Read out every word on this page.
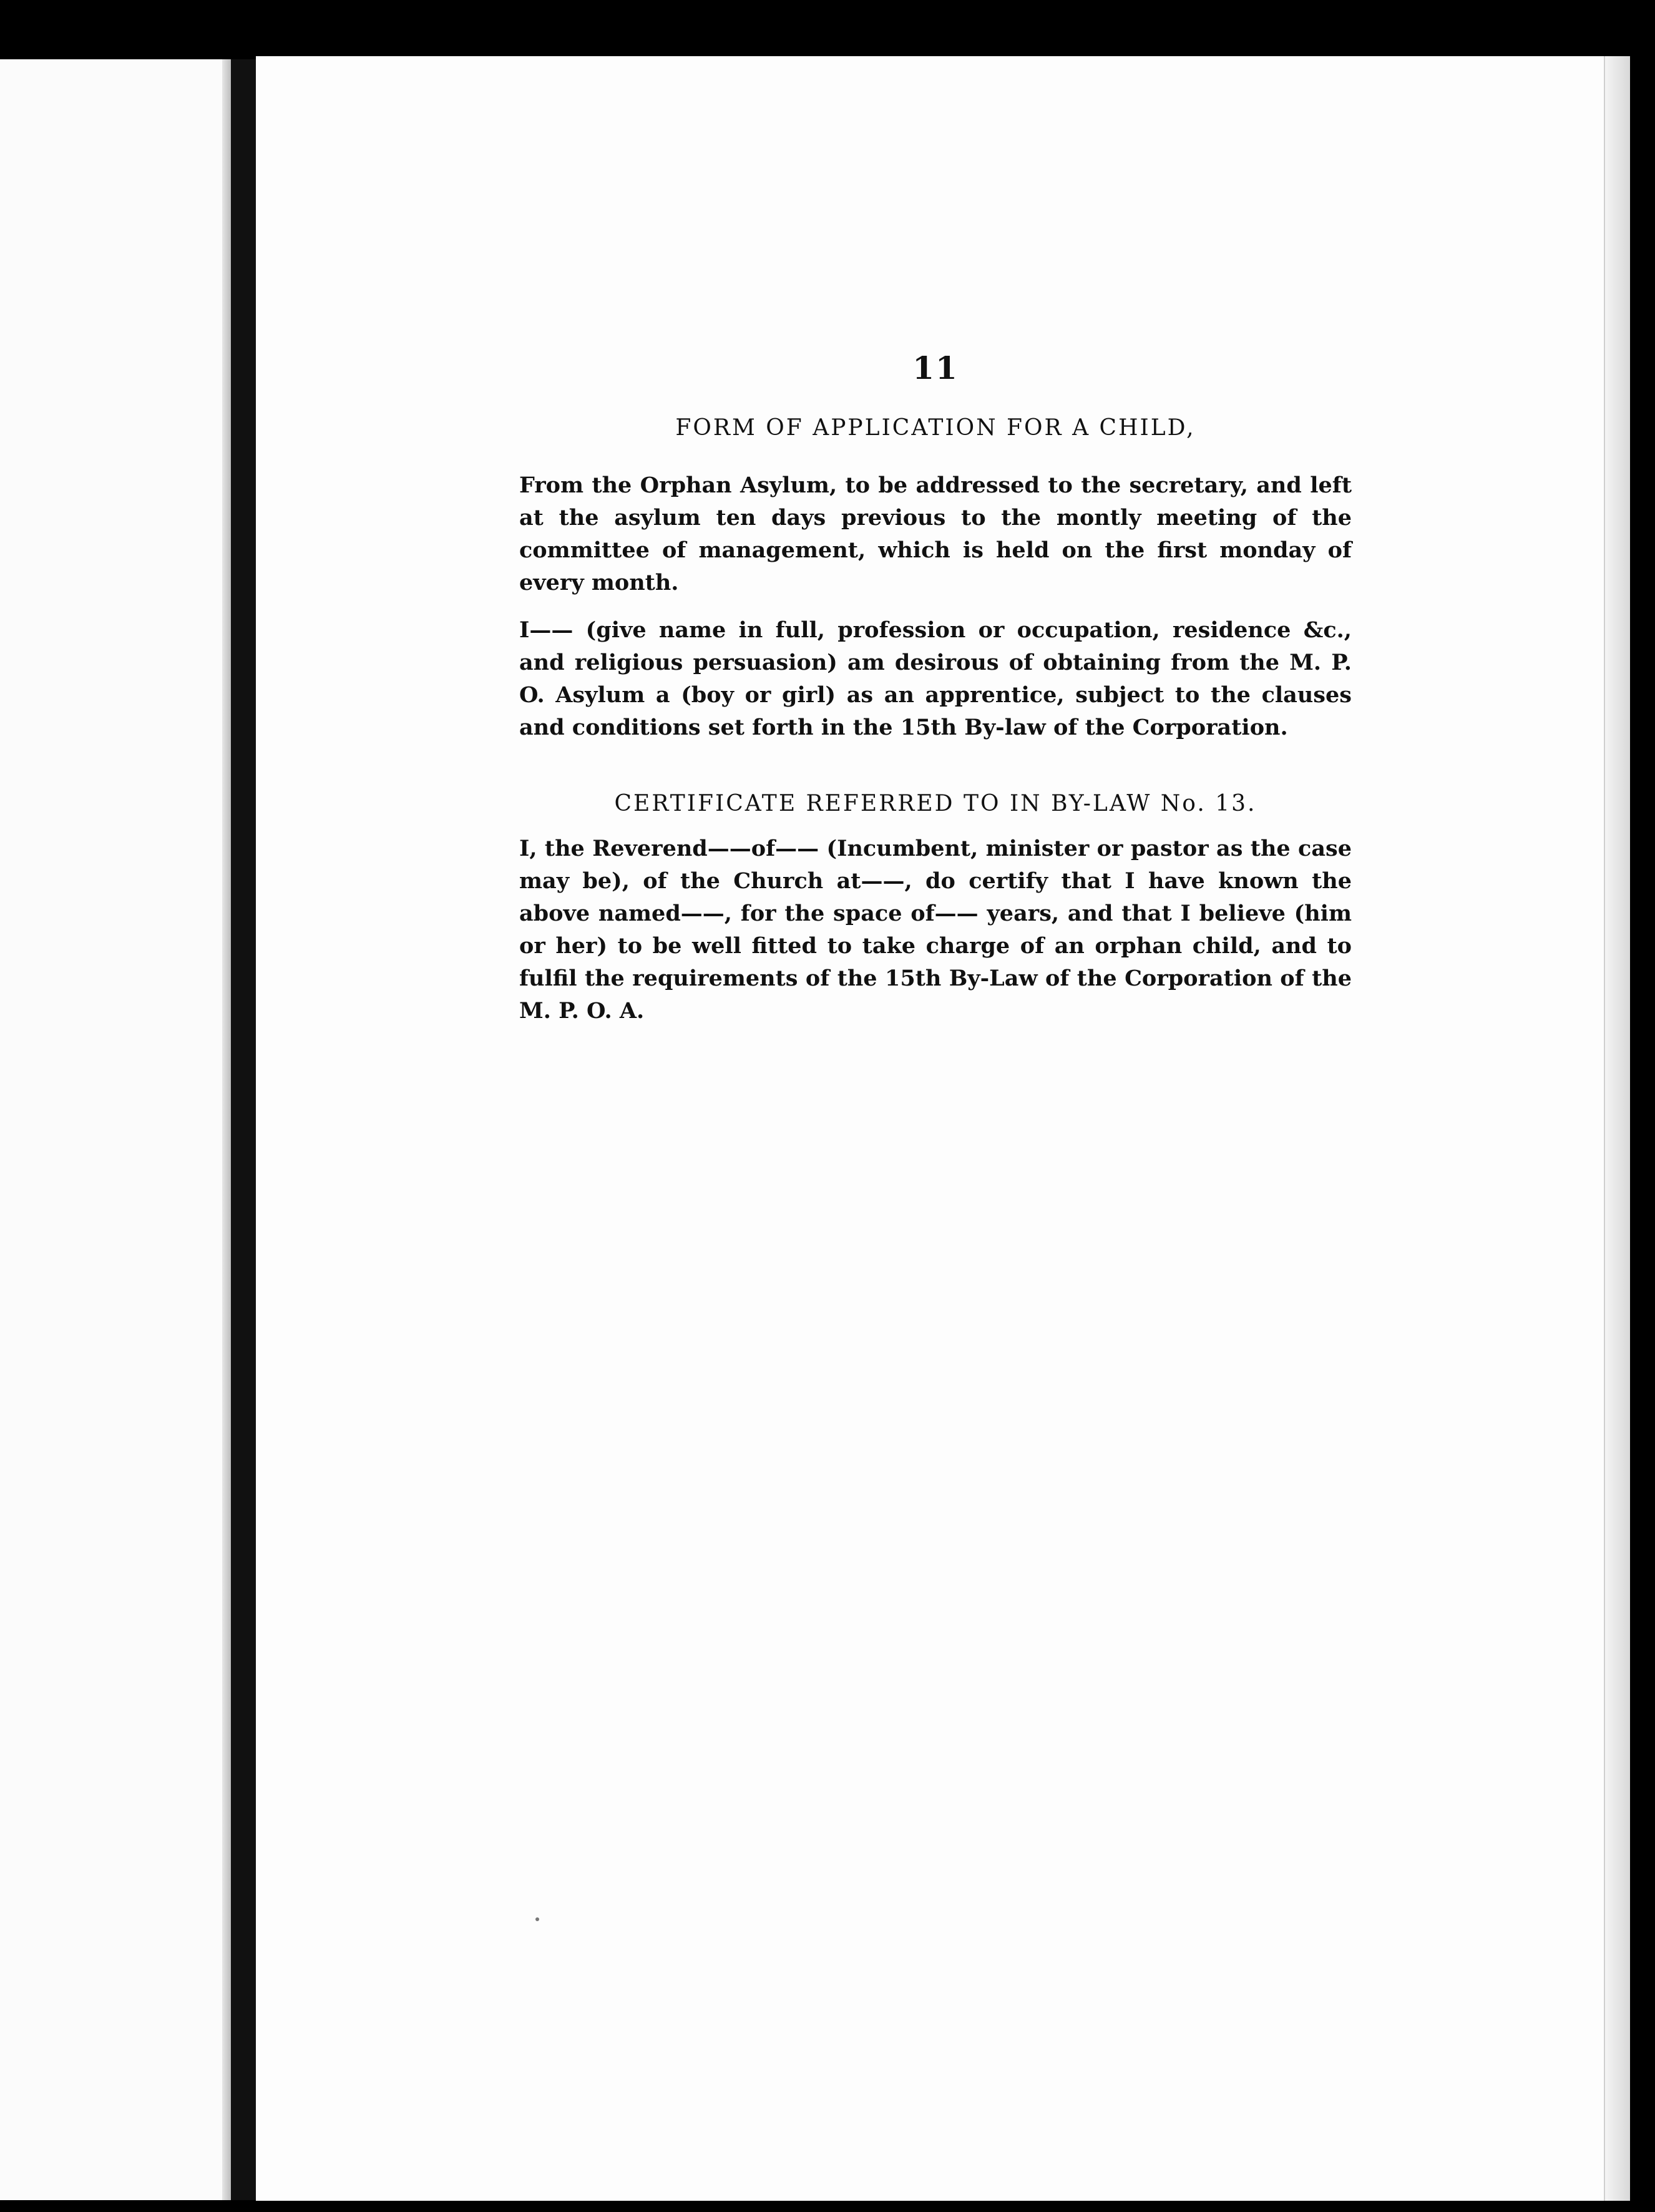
11
FORM OF APPLICATION FOR A CHILD,

From the Orphan Asylum, to be addressed to the secretary, and left at the asylum ten days previous to the montly meeting of the committee of management, which is held on the first monday of every month.

I—— (give name in full, profession or occupation, residence &c., and religious persuasion) am desirous of obtaining from the M. P. O. Asylum a (boy or girl) as an apprentice, subject to the clauses and conditions set forth in the 15th By-law of the Corporation.

CERTIFICATE REFERRED TO IN BY-LAW No. 13.

I, the Reverend——of—— (Incumbent, minister or pastor as the case may be), of the Church at——, do certify that I have known the above named——, for the space of—— years, and that I believe (him or her) to be well fitted to take charge of an orphan child, and to fulfil the requirements of the 15th By-Law of the Corporation of the M. P. O. A.
